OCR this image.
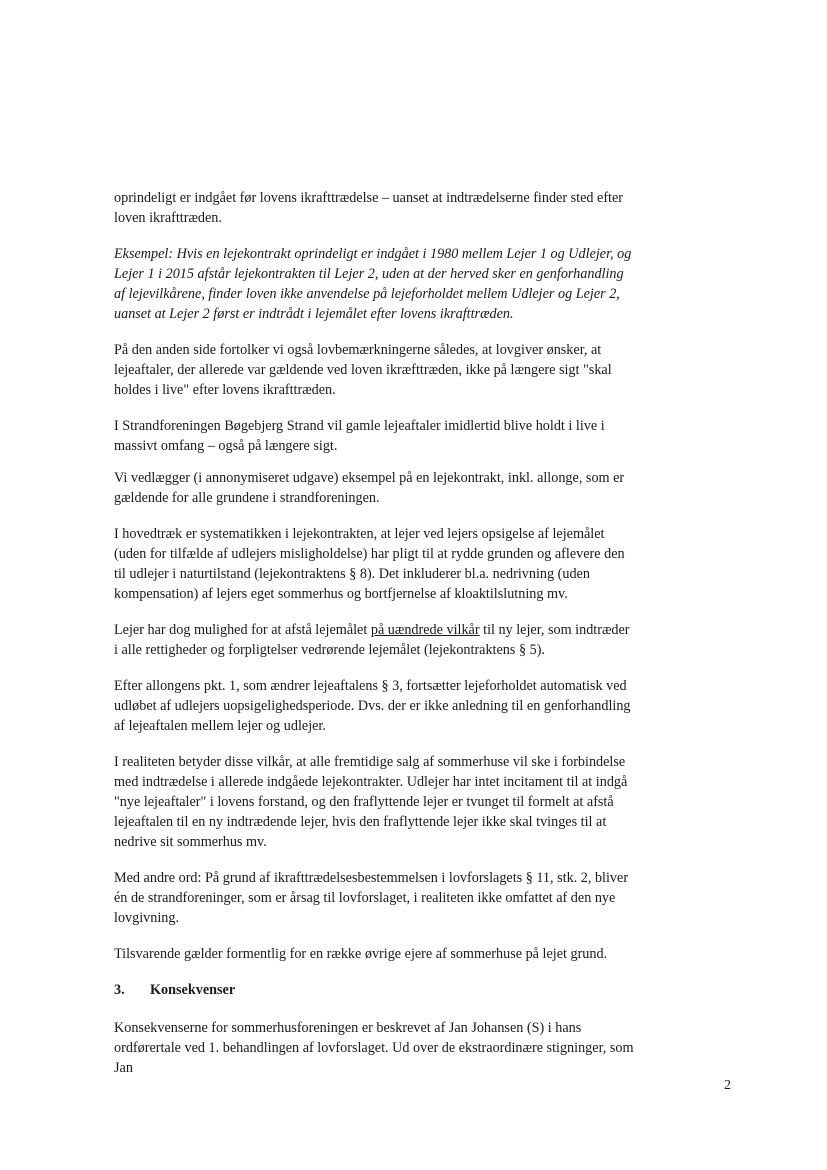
oprindeligt er indgået før lovens ikrafttrædelse – uanset at indtrædelserne finder sted efter loven ikrafttræden.

Eksempel: Hvis en lejekontrakt oprindeligt er indgået i 1980 mellem Lejer 1 og Udlejer, og Lejer 1 i 2015 afstår lejekontrakten til Lejer 2, uden at der herved sker en genforhandling af lejevilkårene, finder loven ikke anvendelse på lejeforholdet mellem Udlejer og Lejer 2, uanset at Lejer 2 først er indtrådt i lejemålet efter lovens ikrafttræden.

På den anden side fortolker vi også lovbemærkningerne således, at lovgiver ønsker, at lejeaftaler, der allerede var gældende ved loven ikræfttræden, ikke på længere sigt "skal holdes i live" efter lovens ikrafttræden.

I Strandforeningen Bøgebjerg Strand vil gamle lejeaftaler imidlertid blive holdt i live i massivt omfang – også på længere sigt.

Vi vedlægger (i annonymiseret udgave) eksempel på en lejekontrakt, inkl. allonge, som er gældende for alle grundene i strandforeningen.

I hovedtræk er systematikken i lejekontrakten, at lejer ved lejers opsigelse af lejemålet (uden for tilfælde af udlejers misligholdelse) har pligt til at rydde grunden og aflevere den til udlejer i naturtilstand (lejekontraktens § 8). Det inkluderer bl.a. nedrivning (uden kompensation) af lejers eget sommerhus og bortfjernelse af kloaktilslutning mv.

Lejer har dog mulighed for at afstå lejemålet på uændrede vilkår til ny lejer, som indtræder i alle rettigheder og forpligtelser vedrørende lejemålet (lejekontraktens § 5).

Efter allongens pkt. 1, som ændrer lejeaftalens § 3, fortsætter lejeforholdet automatisk ved udløbet af udlejers uopsigelighedsperiode. Dvs. der er ikke anledning til en genforhandling af lejeaftalen mellem lejer og udlejer.

I realiteten betyder disse vilkår, at alle fremtidige salg af sommerhuse vil ske i forbindelse med indtrædelse i allerede indgåede lejekontrakter. Udlejer har intet incitament til at indgå "nye lejeaftaler" i lovens forstand, og den fraflyttende lejer er tvunget til formelt at afstå lejeaftalen til en ny indtrædende lejer, hvis den fraflyttende lejer ikke skal tvinges til at nedrive sit sommerhus mv.

Med andre ord: På grund af ikrafttrædelsesbestemmelsen i lovforslagets § 11, stk. 2, bliver én de strandforeninger, som er årsag til lovforslaget, i realiteten ikke omfattet af den nye lovgivning.

Tilsvarende gælder formentlig for en række øvrige ejere af sommerhuse på lejet grund.

3.	Konsekvenser

Konsekvenserne for sommerhusforeningen er beskrevet af Jan Johansen (S) i hans ordførertale ved 1. behandlingen af lovforslaget. Ud over de ekstraordinære stigninger, som Jan

2
